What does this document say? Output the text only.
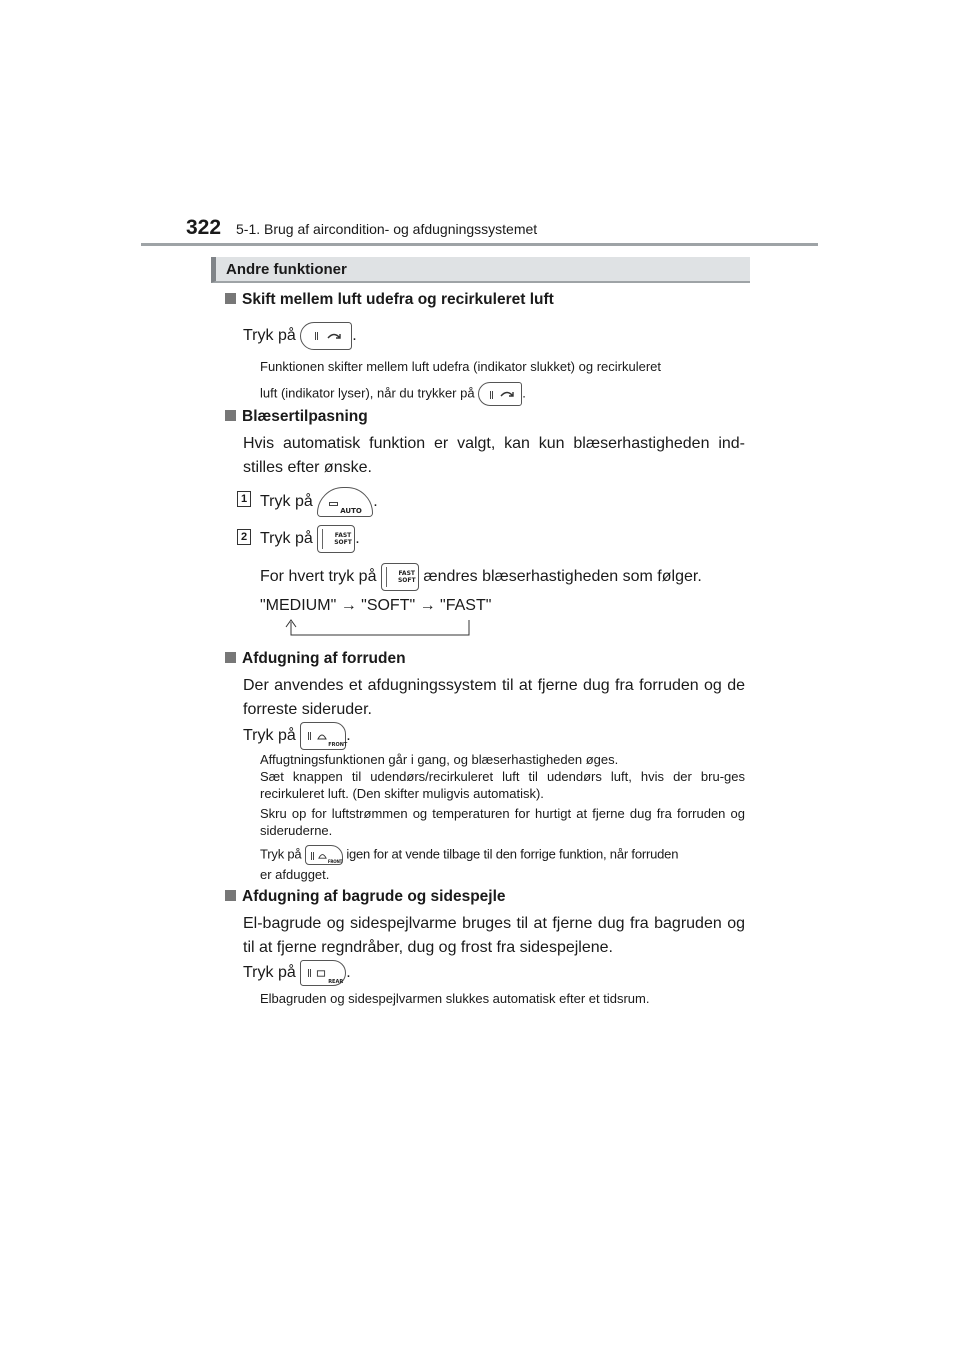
322 5-1. Brug af aircondition- og afdugningssystemet
Andre funktioner
Skift mellem luft udefra og recirkuleret luft
Tryk på	.
Funktionen skifter mellem luft udefra (indikator slukket) og recirkuleret
luft (indikator lyser), når du trykker på	.
Blæsertilpasning
Hvis automatisk funktion er valgt, kan kun blæserhastigheden ind-stilles efter ønske.
1 Tryk på
AUTO
.
2 Tryk på	FAST
SOFT .
For hvert tryk på	FAST
SOFT ændres blæserhastigheden som følger.
"MEDIUM" → "SOFT" → "FAST"
Afdugning af forruden
Der anvendes et afdugningssystem til at fjerne dug fra forruden og de forreste sideruder.
Tryk på
FRONT
.
Affugtningsfunktionen går i gang, og blæserhastigheden øges.
Sæt knappen til udendørs/recirkuleret luft til udendørs luft, hvis der bru-ges recirkuleret luft. (Den skifter muligvis automatisk).
Skru op for luftstrømmen og temperaturen for hurtigt at fjerne dug fra forruden og sideruderne.
Tryk på
FRONT
igen for at vende tilbage til den forrige funktion, når forruden
er afdugget.
Afdugning af bagrude og sidespejle
El-bagrude og sidespejlvarme bruges til at fjerne dug fra bagruden og til at fjerne regndråber, dug og frost fra sidespejlene.
Tryk på
REAR
.
Elbagruden og sidespejlvarmen slukkes automatisk efter et tidsrum.
